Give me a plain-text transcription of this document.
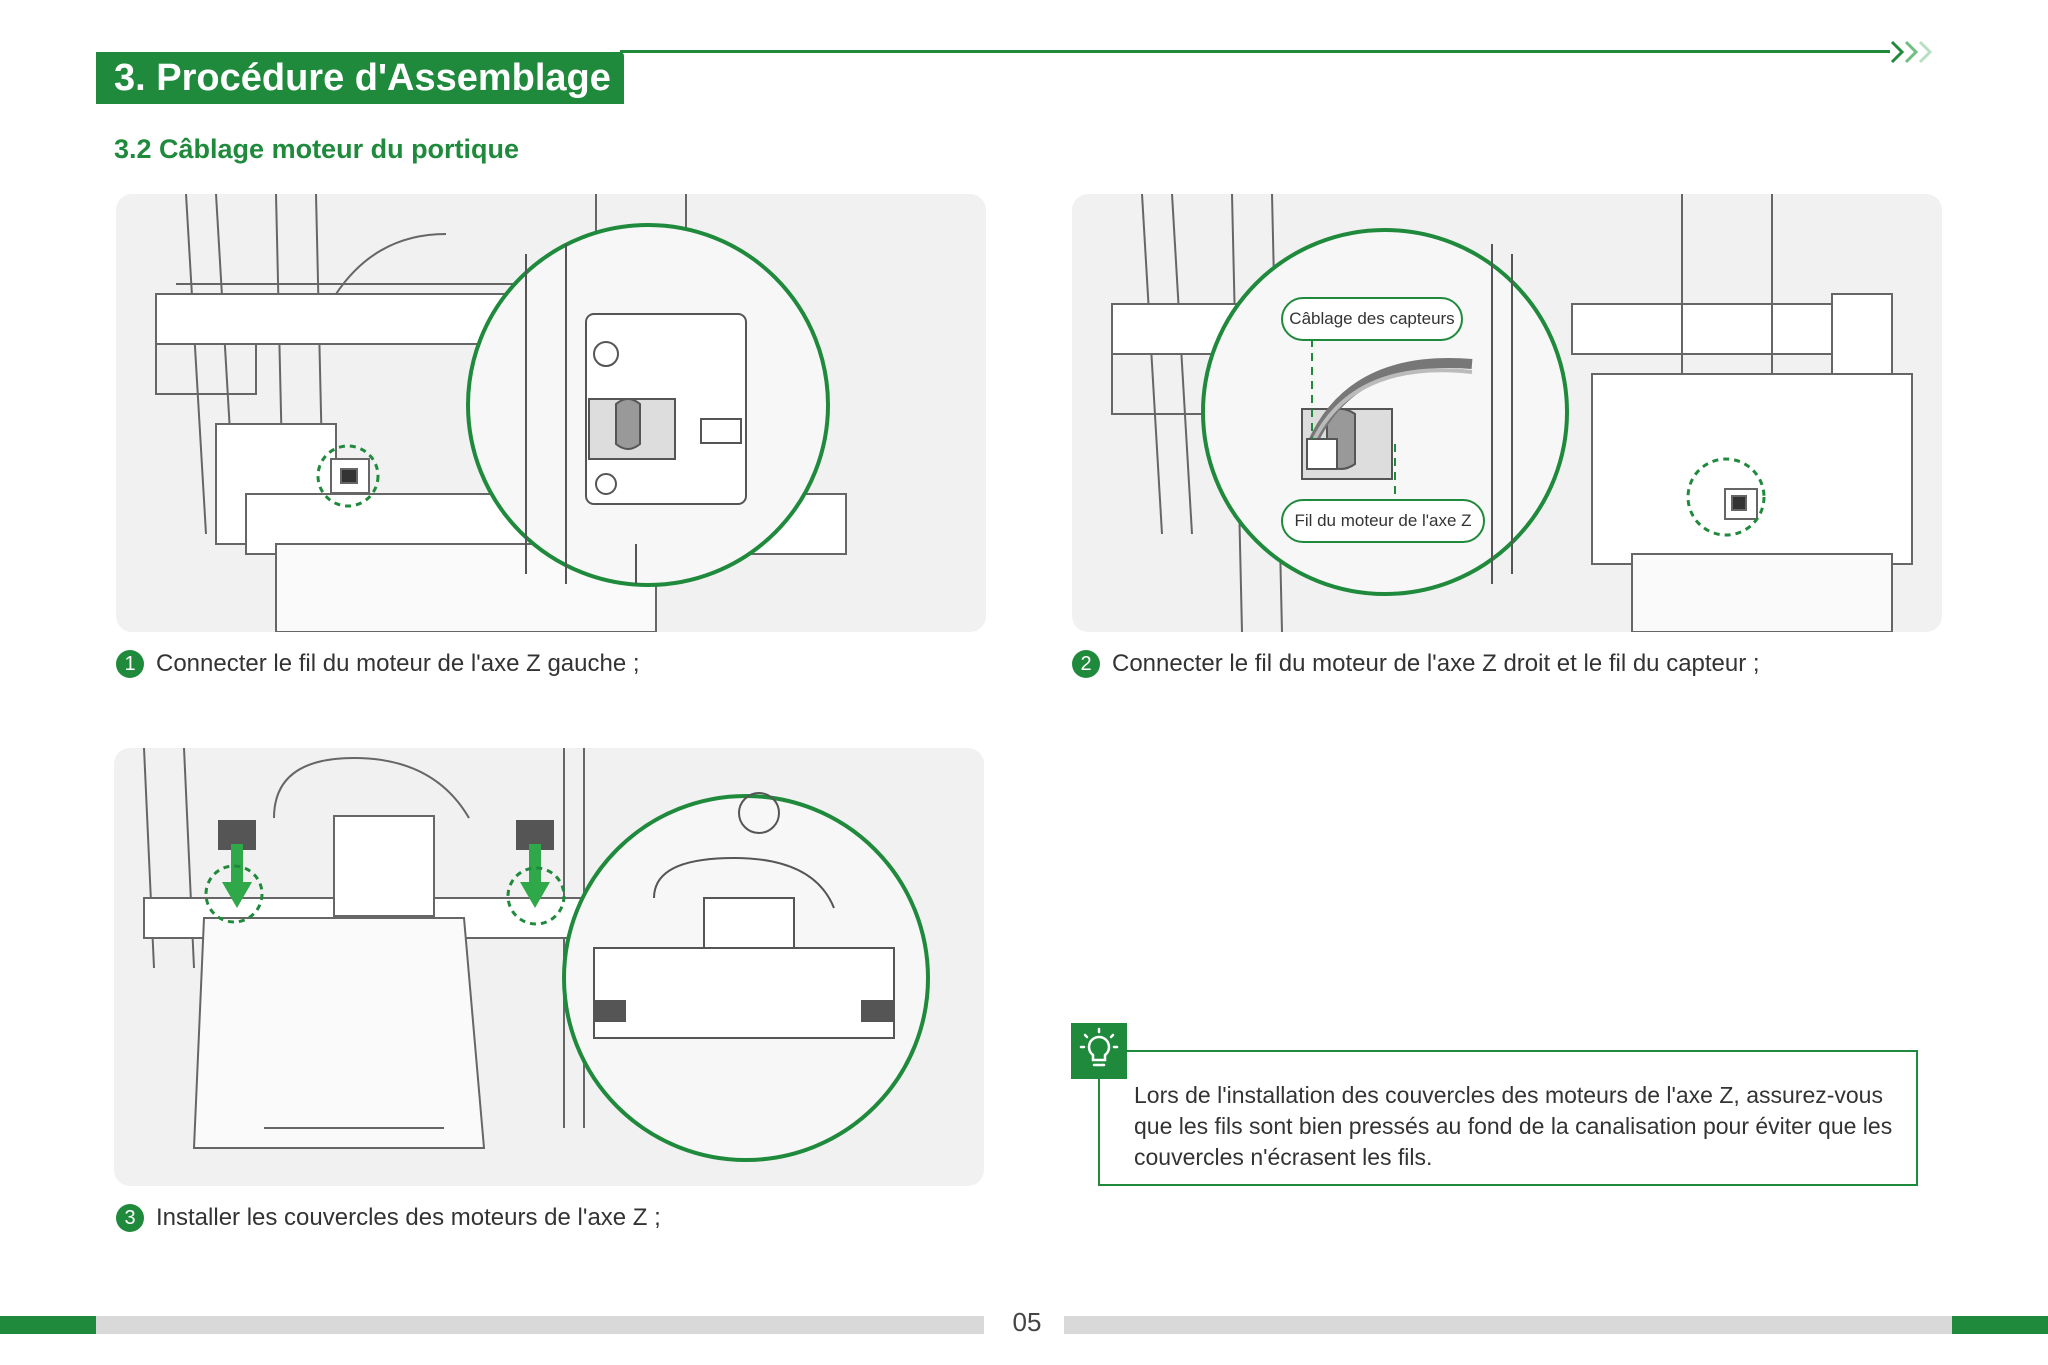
3. Procédure d'Assemblage
3.2 Câblage moteur du portique
1 Connecter le fil du moteur de l'axe Z gauche ;
Câblage des capteurs
Fil du moteur de l'axe Z
2 Connecter le fil du moteur de l'axe Z droit et le fil du capteur ;
3 Installer les couvercles des moteurs de l'axe Z ;
Lors de l'installation des couvercles des moteurs de l'axe Z, assurez-vous que les fils sont bien pressés au fond de la canalisation pour éviter que les couvercles n'écrasent les fils.
05
